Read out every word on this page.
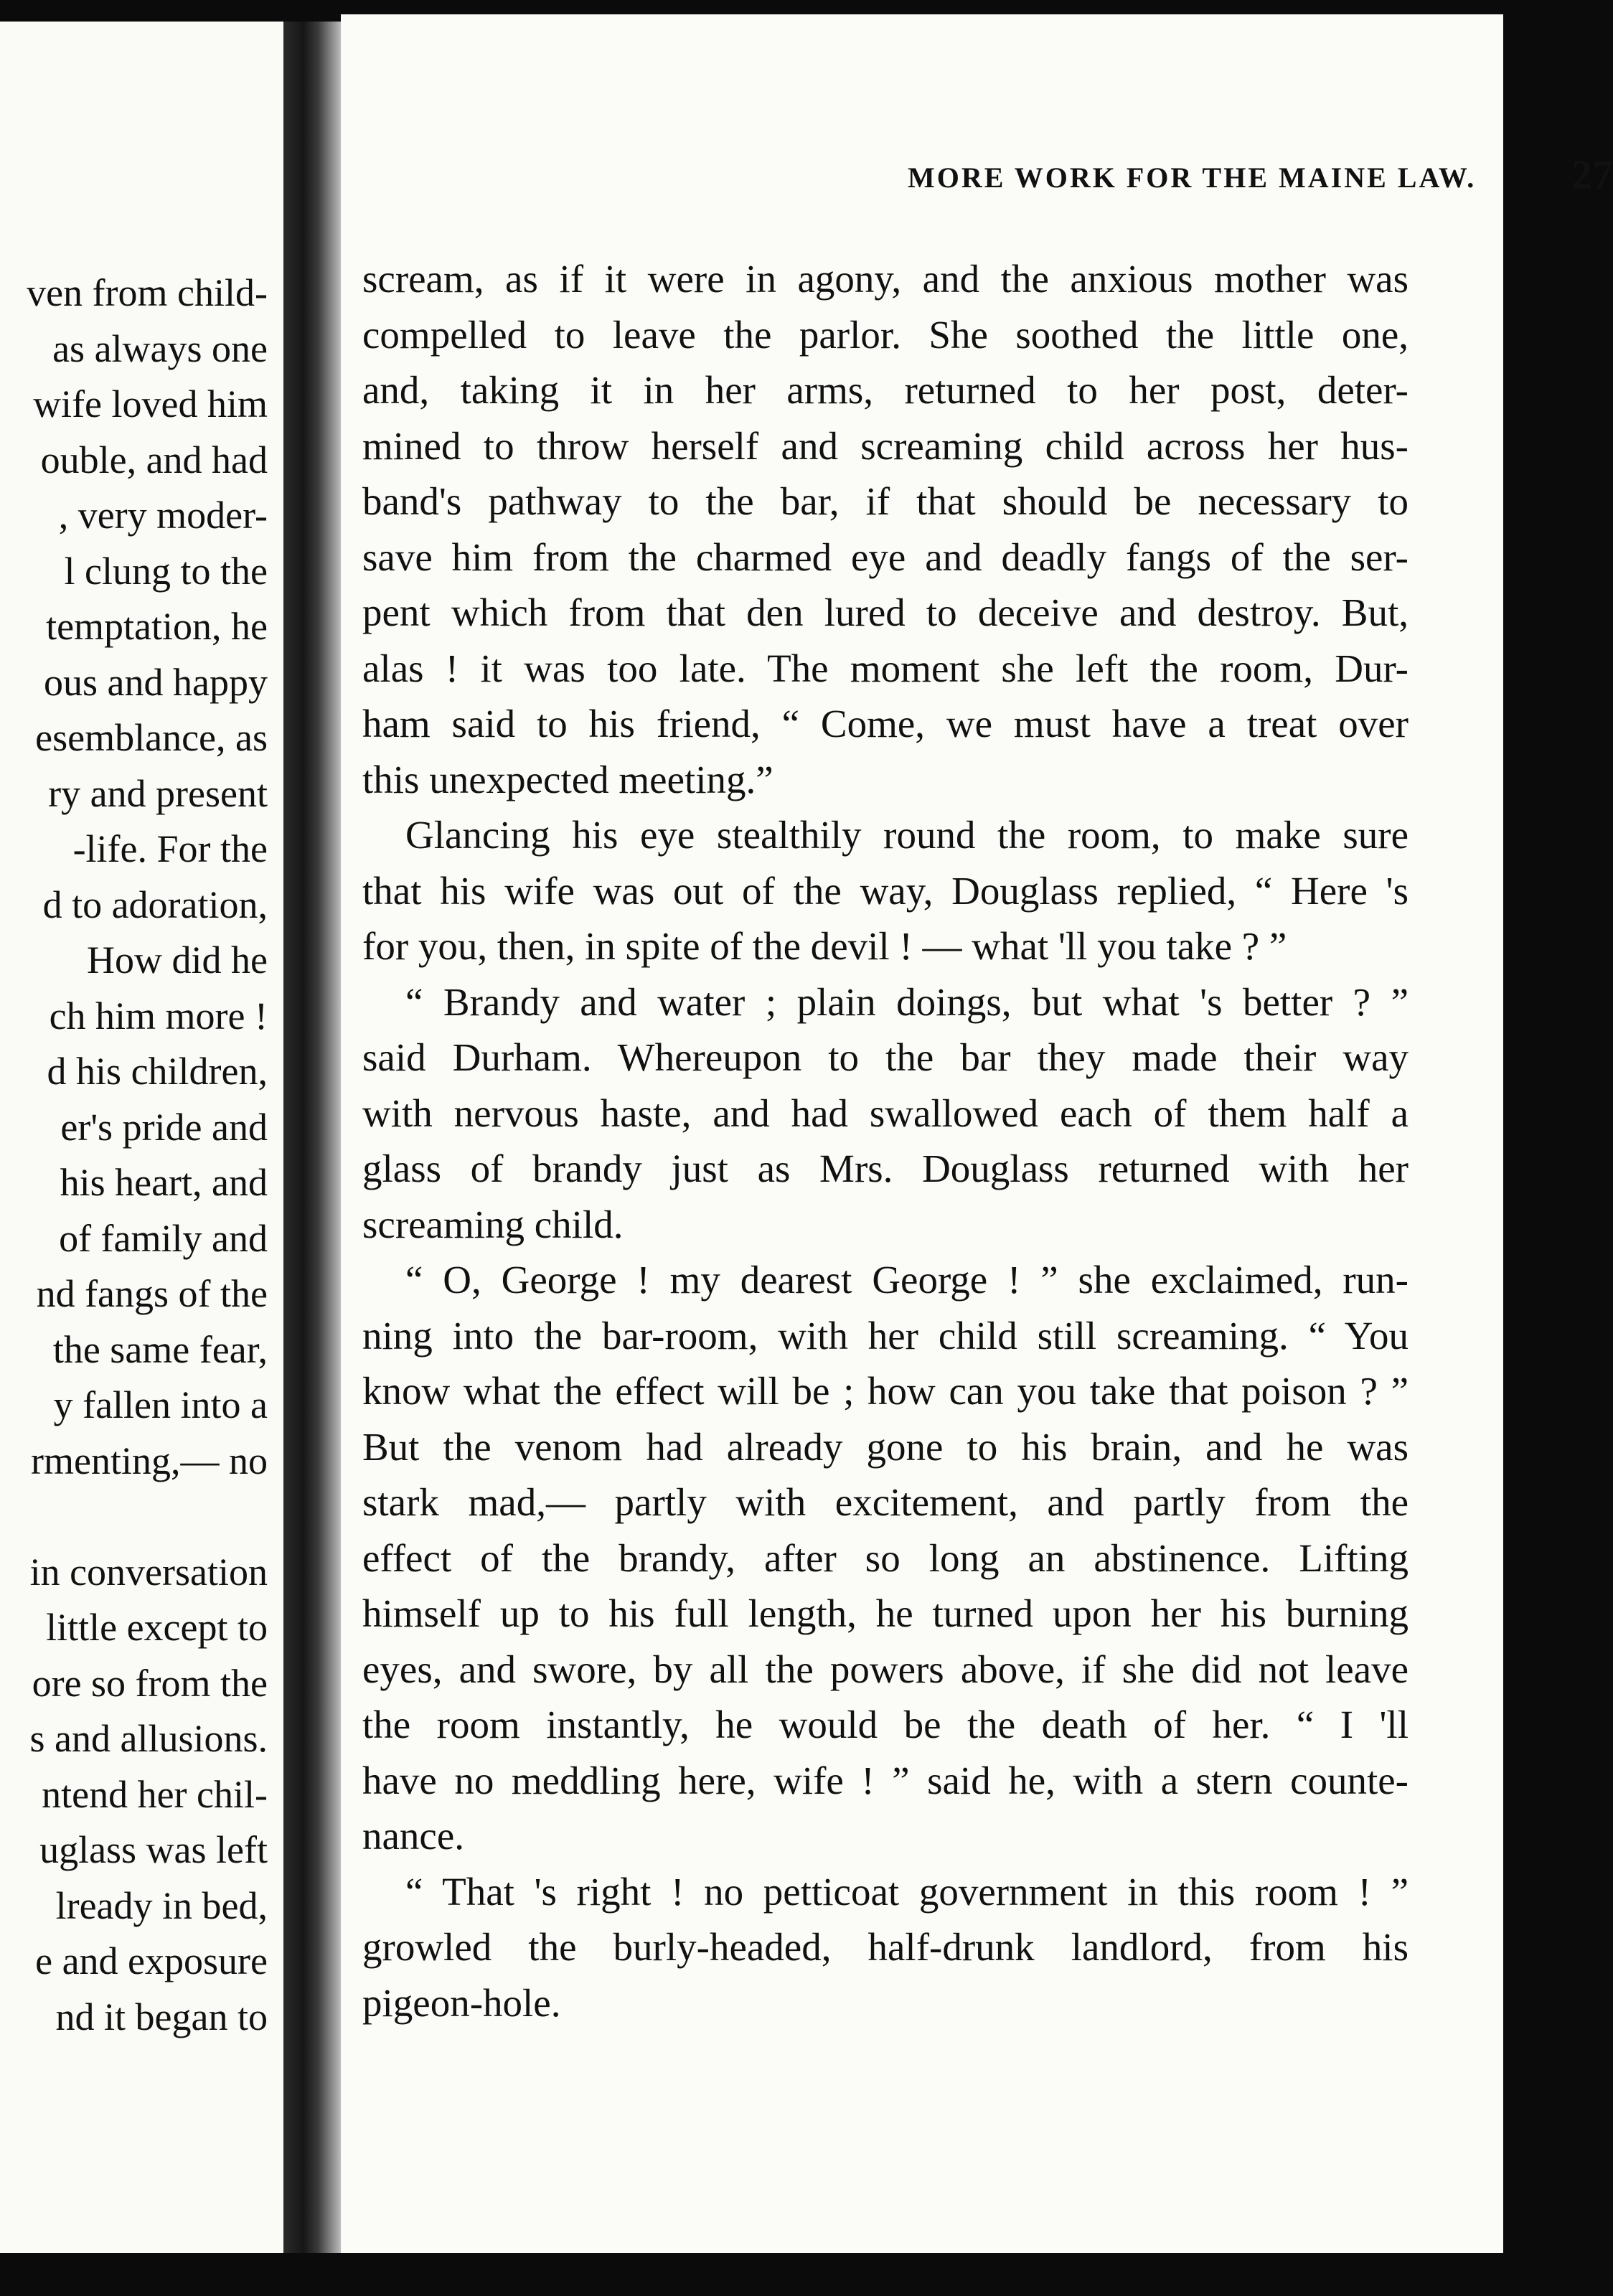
ven from child-
as always one
wife loved him
ouble, and had
, very moder-
l clung to the
temptation, he
ous and happy
esemblance, as
ry and present
-life. For the
d to adoration,
How did he
ch him more !
d his children,
er's pride and
his heart, and
of family and
nd fangs of the
the same fear,
y fallen into a
rmenting,— no
in conversation
little except to
ore so from the
s and allusions.
ntend her chil-
uglass was left
lready in bed,
e and exposure
nd it began to
MORE WORK FOR THE MAINE LAW. 27
scream, as if it were in agony, and the anxious mother was
compelled to leave the parlor. She soothed the little one,
and, taking it in her arms, returned to her post, deter-
mined to throw herself and screaming child across her hus-
band's pathway to the bar, if that should be necessary to
save him from the charmed eye and deadly fangs of the ser-
pent which from that den lured to deceive and destroy. But,
alas ! it was too late. The moment she left the room, Dur-
ham said to his friend, “ Come, we must have a treat over
this unexpected meeting.”
Glancing his eye stealthily round the room, to make sure
that his wife was out of the way, Douglass replied, “ Here 's
for you, then, in spite of the devil ! — what 'll you take ? ”
“ Brandy and water ; plain doings, but what 's better ? ”
said Durham. Whereupon to the bar they made their way
with nervous haste, and had swallowed each of them half a
glass of brandy just as Mrs. Douglass returned with her
screaming child.
“ O, George ! my dearest George ! ” she exclaimed, run-
ning into the bar-room, with her child still screaming. “ You
know what the effect will be ; how can you take that poison ? ”
But the venom had already gone to his brain, and he was
stark mad,— partly with excitement, and partly from the
effect of the brandy, after so long an abstinence. Lifting
himself up to his full length, he turned upon her his burning
eyes, and swore, by all the powers above, if she did not leave
the room instantly, he would be the death of her. “ I 'll
have no meddling here, wife ! ” said he, with a stern counte-
nance.
“ That 's right ! no petticoat government in this room ! ”
growled the burly-headed, half-drunk landlord, from his
pigeon-hole.
